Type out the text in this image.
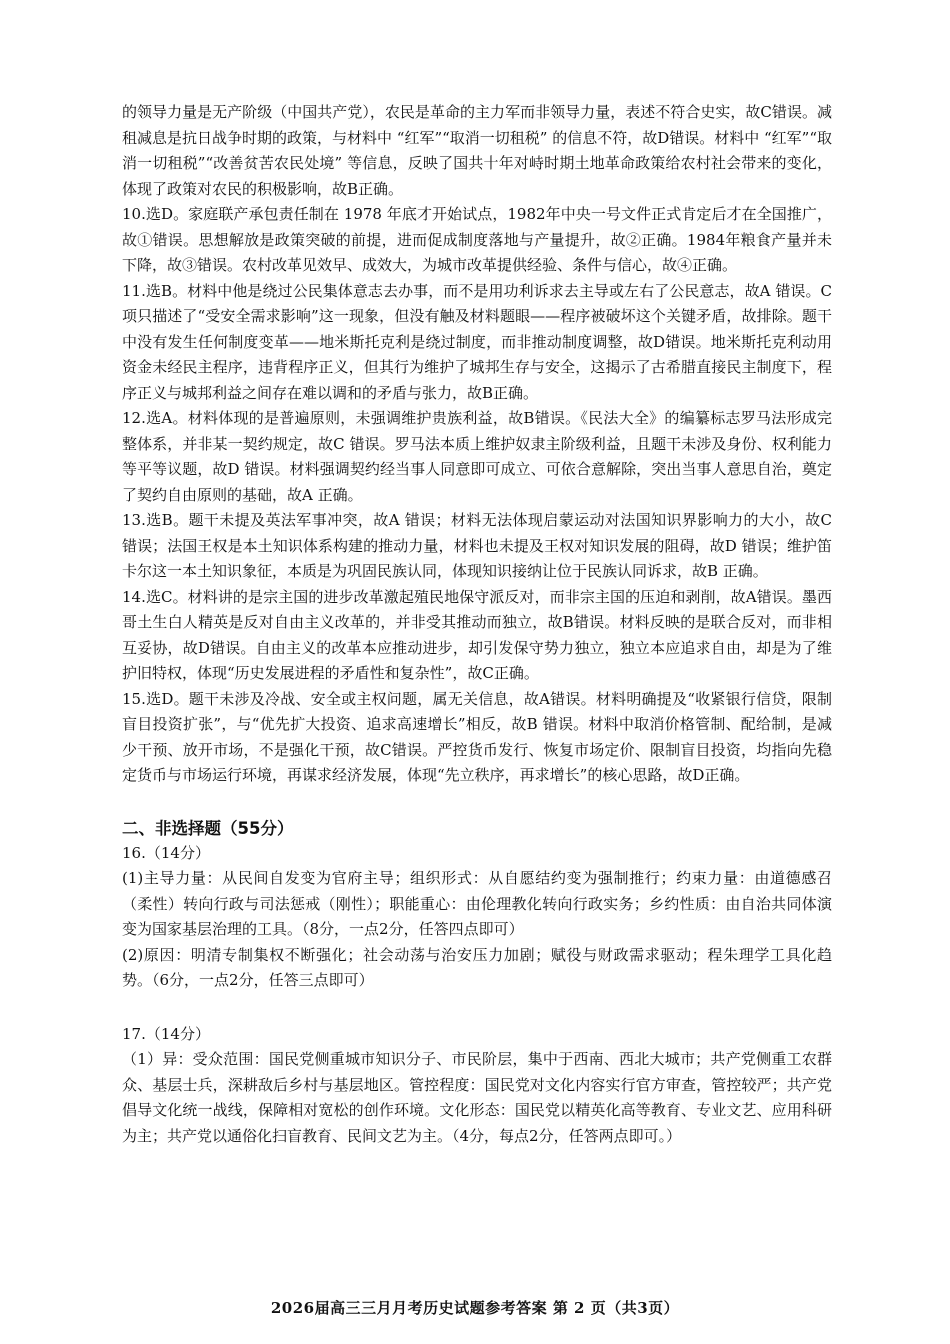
的领导力量是无产阶级（中国共产党），农民是革命的主力军而非领导力量，表述不符合史实，故C错误。减租减息是抗日战争时期的政策，与材料中 “红军”“取消一切租税” 的信息不符，故D错误。材料中 “红军”“取消一切租税”“改善贫苦农民处境” 等信息，反映了国共十年对峙时期土地革命政策给农村社会带来的变化，体现了政策对农民的积极影响，故B正确。

10.选D。家庭联产承包责任制在 1978 年底才开始试点，1982年中央一号文件正式肯定后才在全国推广，故①错误。思想解放是政策突破的前提，进而促成制度落地与产量提升，故②正确。1984年粮食产量并未下降，故③错误。农村改革见效早、成效大，为城市改革提供经验、条件与信心，故④正确。

11.选B。材料中他是绕过公民集体意志去办事，而不是用功利诉求去主导或左右了公民意志，故A 错误。C项只描述了“受安全需求影响”这一现象，但没有触及材料题眼——程序被破坏这个关键矛盾，故排除。题干中没有发生任何制度变革——地米斯托克利是绕过制度，而非推动制度调整，故D错误。地米斯托克利动用资金未经民主程序，违背程序正义，但其行为维护了城邦生存与安全，这揭示了古希腊直接民主制度下，程序正义与城邦利益之间存在难以调和的矛盾与张力，故B正确。

12.选A。材料体现的是普遍原则，未强调维护贵族利益，故B错误。《民法大全》的编纂标志罗马法形成完整体系，并非某一契约规定，故C 错误。罗马法本质上维护奴隶主阶级利益，且题干未涉及身份、权利能力等平等议题，故D 错误。材料强调契约经当事人同意即可成立、可依合意解除，突出当事人意思自治，奠定了契约自由原则的基础，故A 正确。

13.选B。题干未提及英法军事冲突，故A 错误；材料无法体现启蒙运动对法国知识界影响力的大小，故C 错误；法国王权是本土知识体系构建的推动力量，材料也未提及王权对知识发展的阻碍，故D 错误；维护笛卡尔这一本土知识象征，本质是为巩固民族认同，体现知识接纳让位于民族认同诉求，故B 正确。

14.选C。材料讲的是宗主国的进步改革激起殖民地保守派反对，而非宗主国的压迫和剥削，故A错误。墨西哥土生白人精英是反对自由主义改革的，并非受其推动而独立，故B错误。材料反映的是联合反对，而非相互妥协，故D错误。自由主义的改革本应推动进步，却引发保守势力独立，独立本应追求自由，却是为了维护旧特权，体现“历史发展进程的矛盾性和复杂性”，故C正确。

15.选D。题干未涉及冷战、安全或主权问题，属无关信息，故A错误。材料明确提及“收紧银行信贷，限制盲目投资扩张”，与“优先扩大投资、追求高速增长”相反，故B 错误。材料中取消价格管制、配给制，是减少干预、放开市场，不是强化干预，故C错误。严控货币发行、恢复市场定价、限制盲目投资，均指向先稳定货币与市场运行环境，再谋求经济发展，体现“先立秩序，再求增长”的核心思路，故D正确。

二、非选择题（55分）

16.（14分）

(1)主导力量：从民间自发变为官府主导；组织形式：从自愿结约变为强制推行；约束力量：由道德感召（柔性）转向行政与司法惩戒（刚性）；职能重心：由伦理教化转向行政实务；乡约性质：由自治共同体演变为国家基层治理的工具。（8分，一点2分，任答四点即可）

(2)原因：明清专制集权不断强化；社会动荡与治安压力加剧；赋役与财政需求驱动；程朱理学工具化趋势。（6分，一点2分，任答三点即可）

17.（14分）

（1）异：受众范围：国民党侧重城市知识分子、市民阶层，集中于西南、西北大城市；共产党侧重工农群众、基层士兵，深耕敌后乡村与基层地区。管控程度：国民党对文化内容实行官方审查，管控较严；共产党倡导文化统一战线，保障相对宽松的创作环境。文化形态：国民党以精英化高等教育、专业文艺、应用科研为主；共产党以通俗化扫盲教育、民间文艺为主。（4分，每点2分，任答两点即可。）

2026届高三三月月考历史试题参考答案 第 2 页（共3页）
